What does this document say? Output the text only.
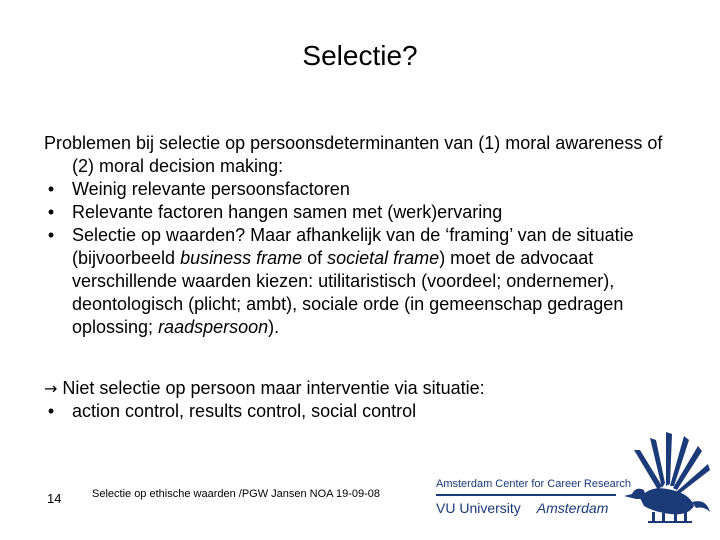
Selectie?

Problemen bij selectie op persoonsdeterminanten van (1) moral awareness of (2) moral decision making:

• Weinig relevante persoonsfactoren

• Relevante factoren hangen samen met (werk)ervaring

• Selectie op waarden? Maar afhankelijk van de ‘framing’ van de situatie (bijvoorbeeld business frame of societal frame) moet de advocaat verschillende waarden kiezen: utilitaristisch (voordeel; ondernemer), deontologisch (plicht; ambt), sociale orde (in gemeenschap gedragen oplossing; raadspersoon).

→ Niet selectie op persoon maar interventie via situatie:

• action control, results control, social control

14	Selectie op ethische waarden /PGW Jansen NOA 19-09-08
Amsterdam Center for Career Research
VU University Amsterdam
